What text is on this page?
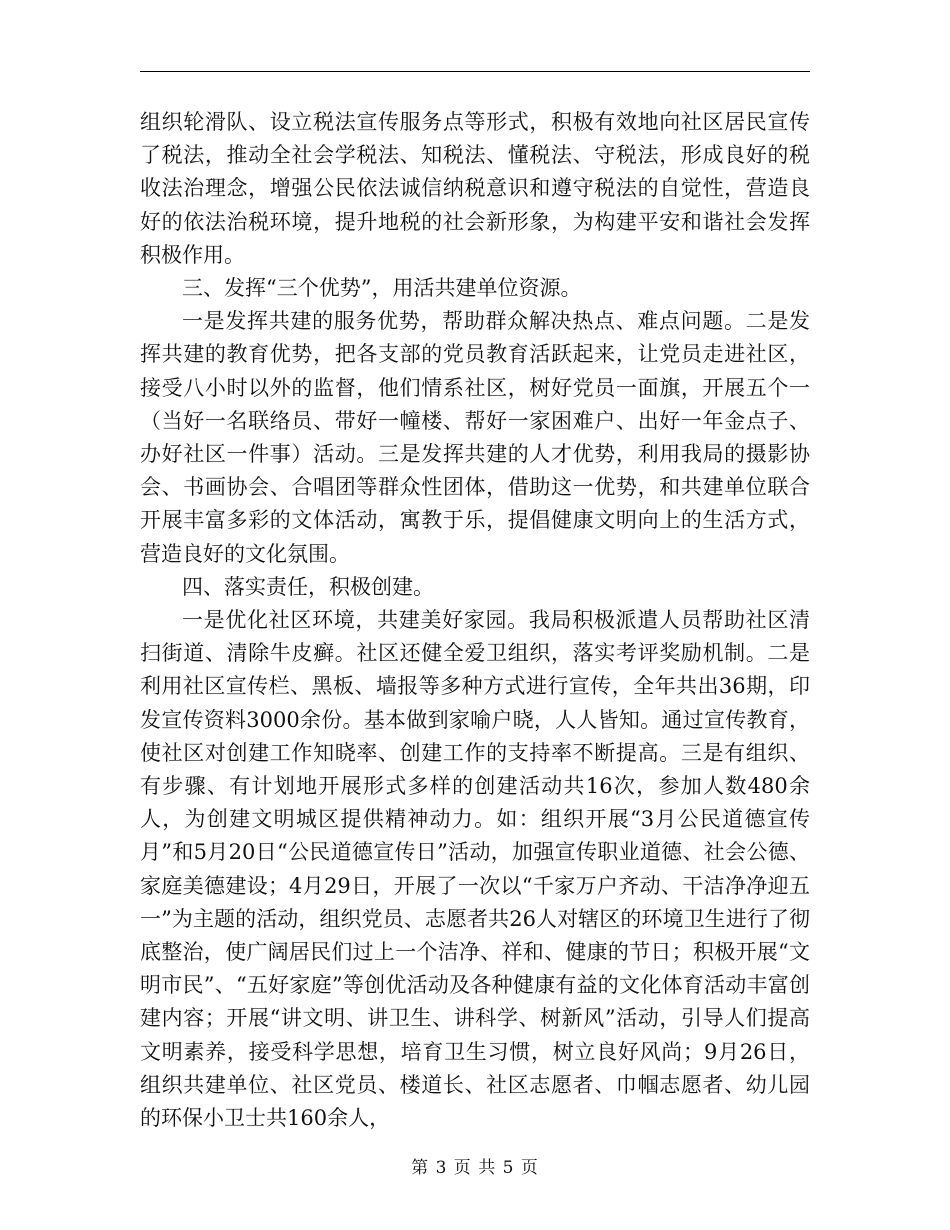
组织轮滑队、设立税法宣传服务点等形式，积极有效地向社区居民宣传了税法，推动全社会学税法、知税法、懂税法、守税法，形成良好的税收法治理念，增强公民依法诚信纳税意识和遵守税法的自觉性，营造良好的依法治税环境，提升地税的社会新形象，为构建平安和谐社会发挥积极作用。

三、发挥“三个优势”，用活共建单位资源。

一是发挥共建的服务优势，帮助群众解决热点、难点问题。二是发挥共建的教育优势，把各支部的党员教育活跃起来，让党员走进社区，接受八小时以外的监督，他们情系社区，树好党员一面旗，开展五个一（当好一名联络员、带好一幢楼、帮好一家困难户、出好一年金点子、办好社区一件事）活动。三是发挥共建的人才优势，利用我局的摄影协会、书画协会、合唱团等群众性团体，借助这一优势，和共建单位联合开展丰富多彩的文体活动，寓教于乐，提倡健康文明向上的生活方式，营造良好的文化氛围。

四、落实责任，积极创建。

一是优化社区环境，共建美好家园。我局积极派遣人员帮助社区清扫街道、清除牛皮癣。社区还健全爱卫组织，落实考评奖励机制。二是利用社区宣传栏、黑板、墙报等多种方式进行宣传，全年共出36期，印发宣传资料3000余份。基本做到家喻户晓，人人皆知。通过宣传教育，使社区对创建工作知晓率、创建工作的支持率不断提高。三是有组织、有步骤、有计划地开展形式多样的创建活动共16次，参加人数480余人，为创建文明城区提供精神动力。如：组织开展“3月公民道德宣传月”和5月20日“公民道德宣传日”活动，加强宣传职业道德、社会公德、家庭美德建设；4月29日，开展了一次以“千家万户齐动、干洁净净迎五一”为主题的活动，组织党员、志愿者共26人对辖区的环境卫生进行了彻底整治，使广阔居民们过上一个洁净、祥和、健康的节日；积极开展“文明市民”、“五好家庭”等创优活动及各种健康有益的文化体育活动丰富创建内容；开展“讲文明、讲卫生、讲科学、树新风”活动，引导人们提高文明素养，接受科学思想，培育卫生习惯，树立良好风尚；9月26日，组织共建单位、社区党员、楼道长、社区志愿者、巾帼志愿者、幼儿园的环保小卫士共160余人，

第 3 页 共 5 页
